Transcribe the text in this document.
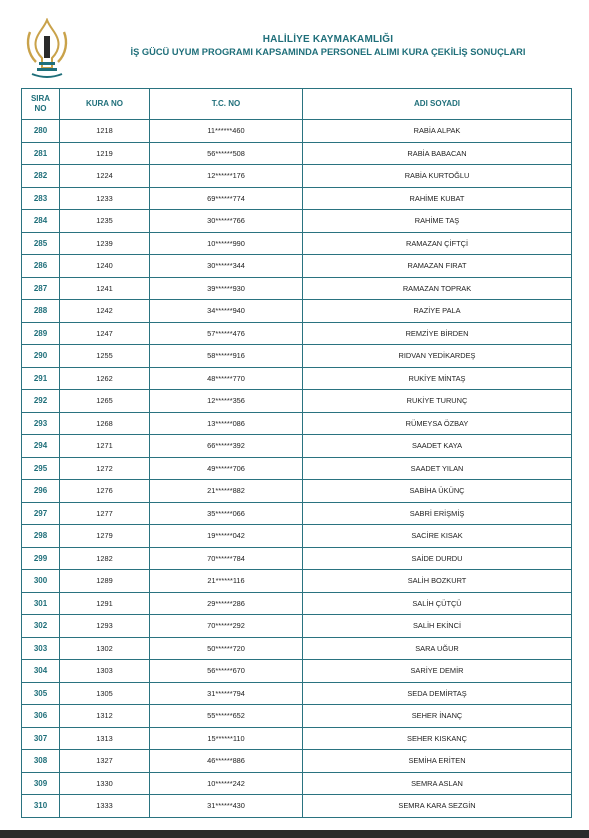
HALİLİYE KAYMAKAMLIĞI
İŞ GÜCÜ UYUM PROGRAMI KAPSAMINDA PERSONEL ALIMI KURA ÇEKİLİŞ SONUÇLARI
SIRA
NO	KURA NO	T.C. NO	ADI SOYADI
280	1218	11******460	RABİA ALPAK
281	1219	56******508	RABİA BABACAN
282	1224	12******176	RABİA KURTOĞLU
283	1233	69******774	RAHİME KUBAT
284	1235	30******766	RAHİME TAŞ
285	1239	10******990	RAMAZAN ÇİFTÇİ
286	1240	30******344	RAMAZAN FIRAT
287	1241	39******930	RAMAZAN TOPRAK
288	1242	34******940	RAZİYE PALA
289	1247	57******476	REMZİYE BİRDEN
290	1255	58******916	RIDVAN YEDİKARDEŞ
291	1262	48******770	RUKİYE MİNTAŞ
292	1265	12******356	RUKİYE TURUNÇ
293	1268	13******086	RÜMEYSA ÖZBAY
294	1271	66******392	SAADET KAYA
295	1272	49******706	SAADET YILAN
296	1276	21******882	SABİHA ÜKÜNÇ
297	1277	35******066	SABRİ ERİŞMİŞ
298	1279	19******042	SACİRE KISAK
299	1282	70******784	SAİDE DURDU
300	1289	21******116	SALİH BOZKURT
301	1291	29******286	SALİH ÇÜTÇÜ
302	1293	70******292	SALİH EKİNCİ
303	1302	50******720	SARA UĞUR
304	1303	56******670	SARİYE DEMİR
305	1305	31******794	SEDA DEMİRTAŞ
306	1312	55******652	SEHER İNANÇ
307	1313	15******110	SEHER KISKANÇ
308	1327	46******886	SEMİHA ERİTEN
309	1330	10******242	SEMRA ASLAN
310	1333	31******430	SEMRA KARA SEZGİN
